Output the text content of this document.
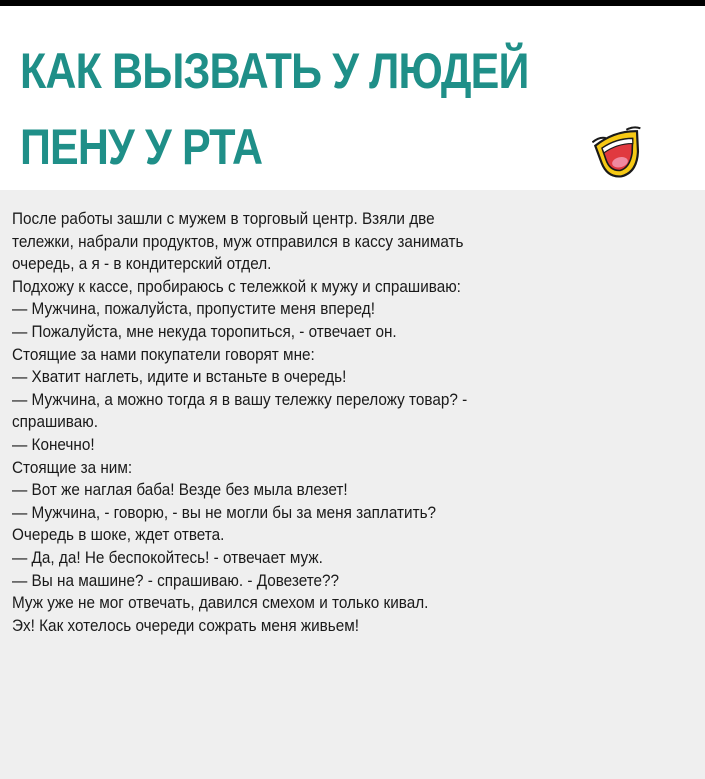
КАК ВЫЗВАТЬ У ЛЮДЕЙ
ПЕНУ У РТА
После работы зашли с мужем в торговый центр. Взяли две
тележки, набрали продуктов, муж отправился в кассу занимать
очередь, а я - в кондитерский отдел.
Подхожу к кассе, пробираюсь с тележкой к мужу и спрашиваю:
— Мужчина, пожалуйста, пропустите меня вперед!
— Пожалуйста, мне некуда торопиться, - отвечает он.
Стоящие за нами покупатели говорят мне:
— Хватит наглеть, идите и встаньте в очередь!
— Мужчина, а можно тогда я в вашу тележку переложу товар? -
спрашиваю.
— Конечно!
Стоящие за ним:
— Вот же наглая баба! Везде без мыла влезет!
— Мужчина, - говорю, - вы не могли бы за меня заплатить?
Очередь в шоке, ждет ответа.
— Да, да! Не беспокойтесь! - отвечает муж.
— Вы на машине? - спрашиваю. - Довезете??
Муж уже не мог отвечать, давился смехом и только кивал.
Эх! Как хотелось очереди сожрать меня живьем!
